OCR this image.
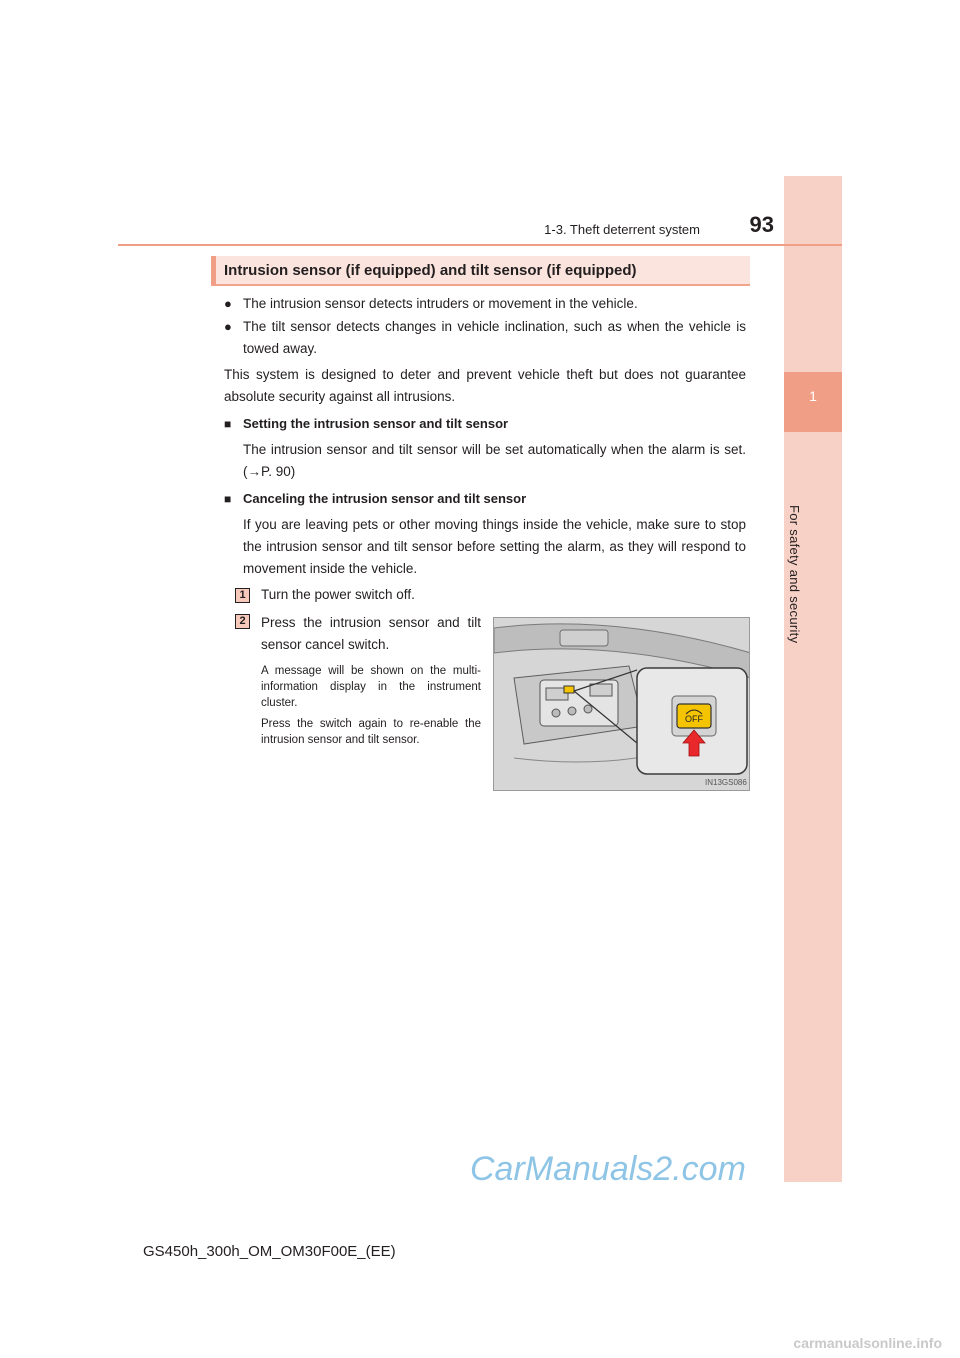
1
For safety and security
1-3. Theft deterrent system	93
Intrusion sensor (if equipped) and tilt sensor (if equipped)
● The intrusion sensor detects intruders or movement in the vehicle.
● The tilt sensor detects changes in vehicle inclination, such as when the vehicle is towed away.
This system is designed to deter and prevent vehicle theft but does not guarantee absolute security against all intrusions.
■ Setting the intrusion sensor and tilt sensor
The intrusion sensor and tilt sensor will be set automatically when the alarm is set. (→P. 90)
■ Canceling the intrusion sensor and tilt sensor
If you are leaving pets or other moving things inside the vehicle, make sure to stop the intrusion sensor and tilt sensor before setting the alarm, as they will respond to movement inside the vehicle.
1	Turn the power switch off.
2	Press the intrusion sensor and tilt sensor cancel switch.
A message will be shown on the multi-information display in the instrument cluster.
Press the switch again to re-enable the intrusion sensor and tilt sensor.
OFF
IN13GS086
GS450h_300h_OM_OM30F00E_(EE)
CarManuals2.com
carmanualsonline.info
